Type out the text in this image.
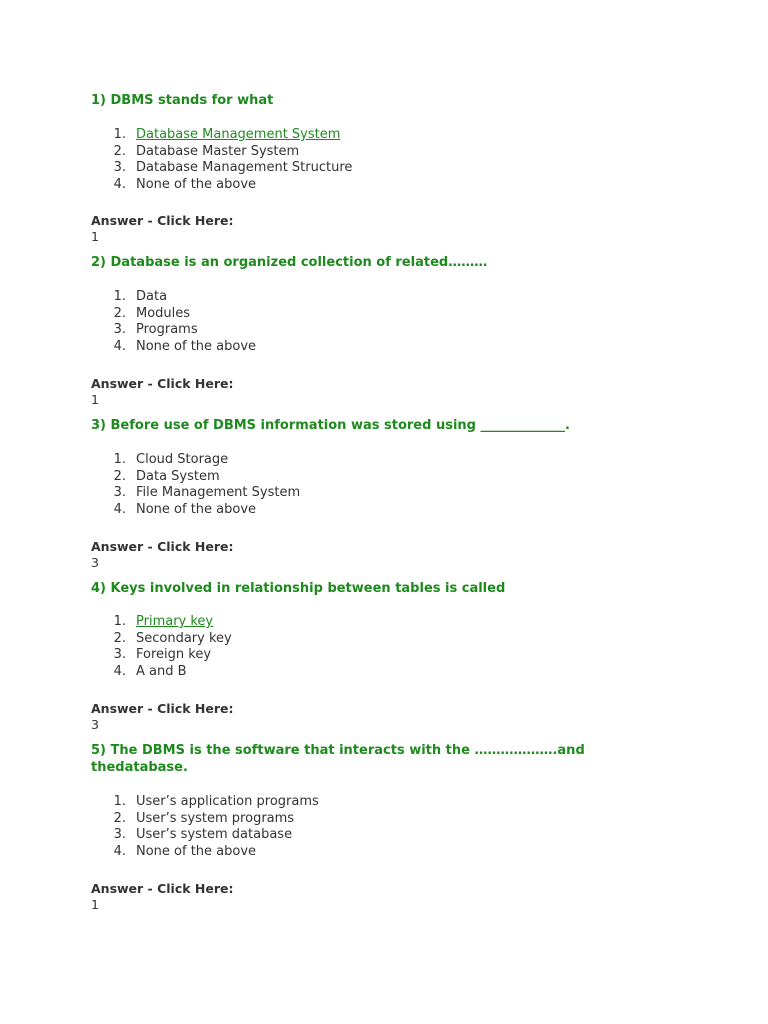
1) DBMS stands for what

1. Database Management System
2. Database Master System
3. Database Management Structure
4. None of the above

Answer - Click Here:

1

2) Database is an organized collection of related………

1. Data
2. Modules
3. Programs
4. None of the above

Answer - Click Here:

1

3) Before use of DBMS information was stored using _____________.

1. Cloud Storage
2. Data System
3. File Management System
4. None of the above

Answer - Click Here:

3

4) Keys involved in relationship between tables is called

1. Primary key
2. Secondary key
3. Foreign key
4. A and B

Answer - Click Here:

3

5) The DBMS is the software that interacts with the ……………….and thedatabase.

1. User’s application programs
2. User’s system programs
3. User’s system database
4. None of the above

Answer - Click Here:

1
